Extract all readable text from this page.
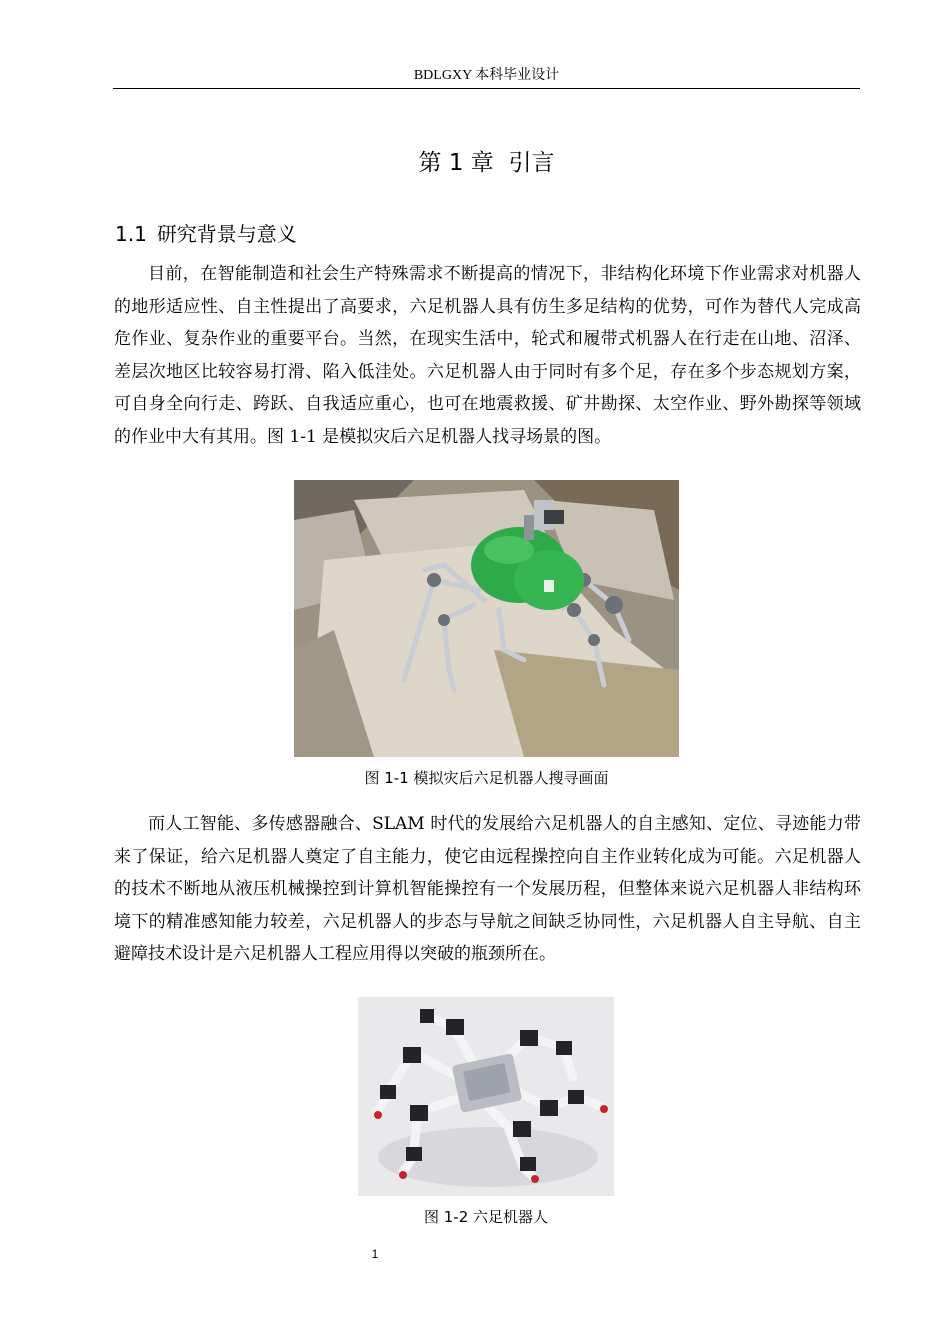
BDLGXY 本科毕业设计
第 1 章 引言
1.1 研究背景与意义

目前，在智能制造和社会生产特殊需求不断提高的情况下，非结构化环境下作业需求对机器人的地形适应性、自主性提出了高要求，六足机器人具有仿生多足结构的优势，可作为替代人完成高危作业、复杂作业的重要平台。当然，在现实生活中，轮式和履带式机器人在行走在山地、沼泽、差层次地区比较容易打滑、陷入低洼处。六足机器人由于同时有多个足，存在多个步态规划方案，可自身全向行走、跨跃、自我适应重心，也可在地震救援、矿井勘探、太空作业、野外勘探等领域的作业中大有其用。图 1-1 是模拟灾后六足机器人找寻场景的图。

图 1-1 模拟灾后六足机器人搜寻画面

而人工智能、多传感器融合、SLAM 时代的发展给六足机器人的自主感知、定位、寻迹能力带来了保证，给六足机器人奠定了自主能力，使它由远程操控向自主作业转化成为可能。六足机器人的技术不断地从液压机械操控到计算机智能操控有一个发展历程，但整体来说六足机器人非结构环境下的精准感知能力较差，六足机器人的步态与导航之间缺乏协同性，六足机器人自主导航、自主避障技术设计是六足机器人工程应用得以突破的瓶颈所在。

图 1-2 六足机器人
1
